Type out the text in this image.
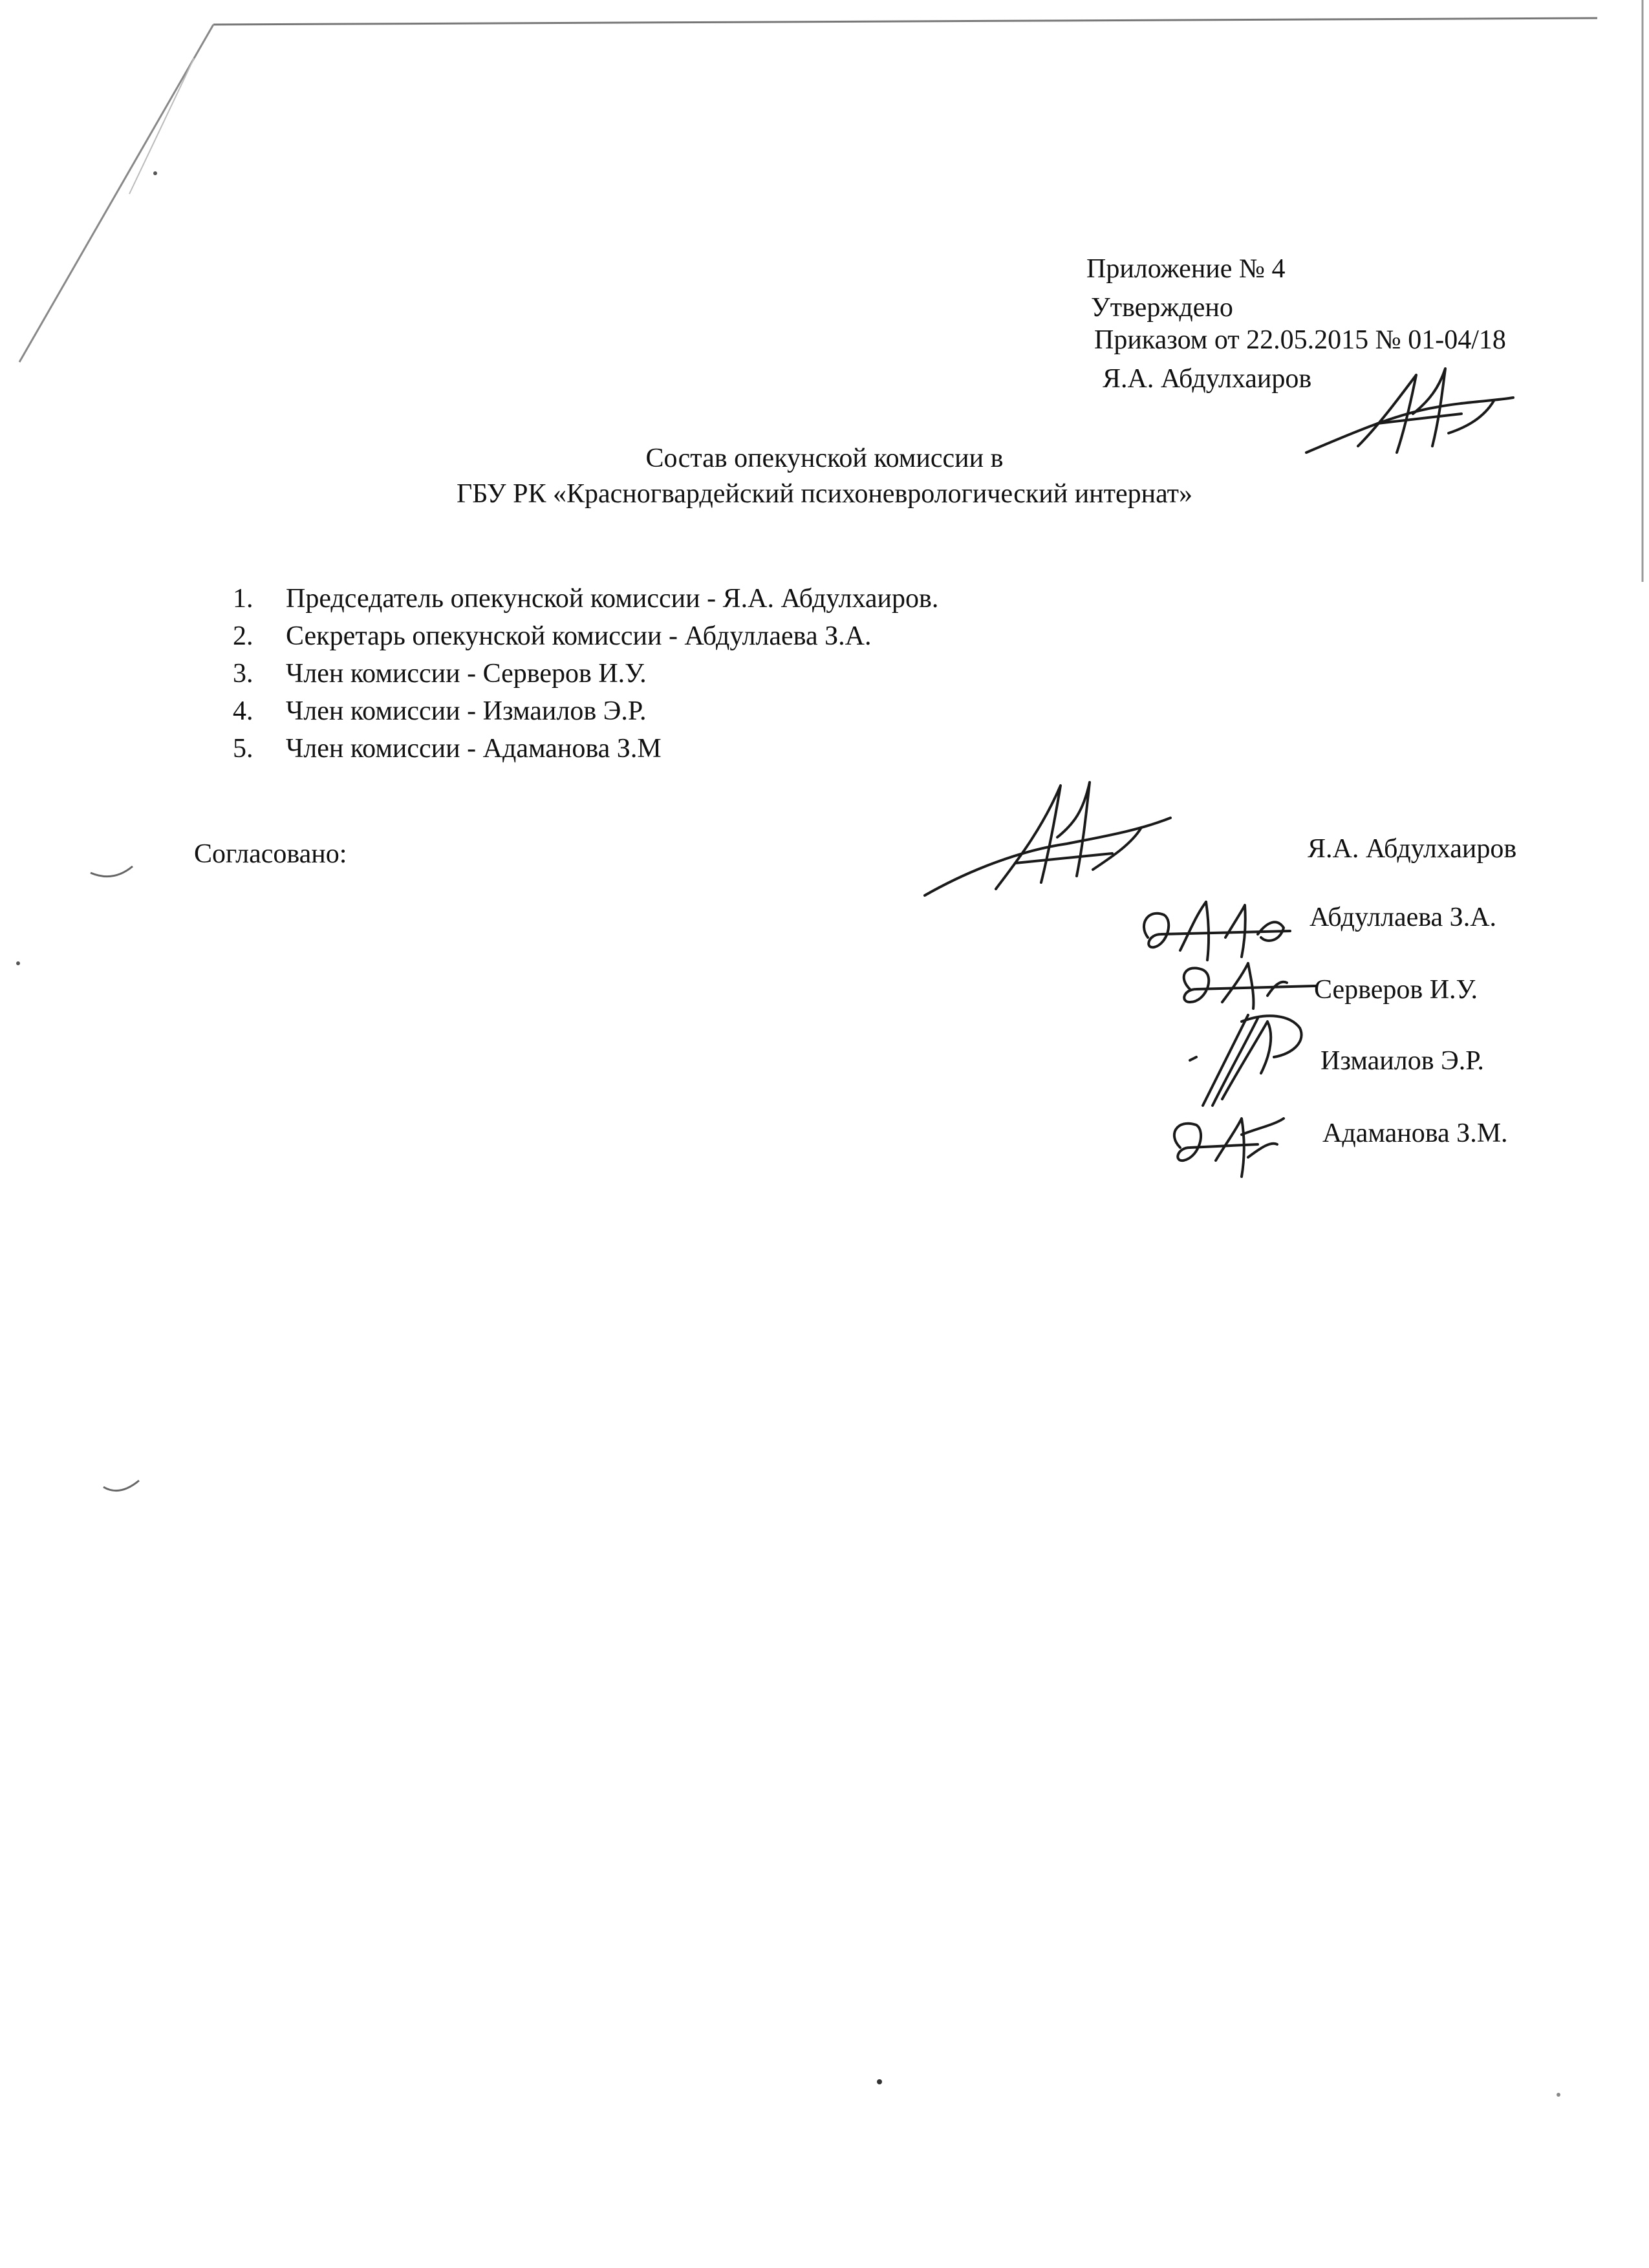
Приложение № 4
Утверждено
Приказом от 22.05.2015 № 01-04/18
Я.А. Абдулхаиров
Состав опекунской комиссии в
ГБУ РК «Красногвардейский психоневрологический интернат»
1.	Председатель опекунской комиссии - Я.А. Абдулхаиров.
2.	Секретарь опекунской комиссии - Абдуллаева З.А.
3.	Член комиссии - Серверов И.У.
4.	Член комиссии - Измаилов Э.Р.
5.	Член комиссии - Адаманова З.М
Согласовано:	Я.А. Абдулхаиров
Абдуллаева З.А.
Серверов И.У.
Измаилов Э.Р.
Адаманова З.М.
